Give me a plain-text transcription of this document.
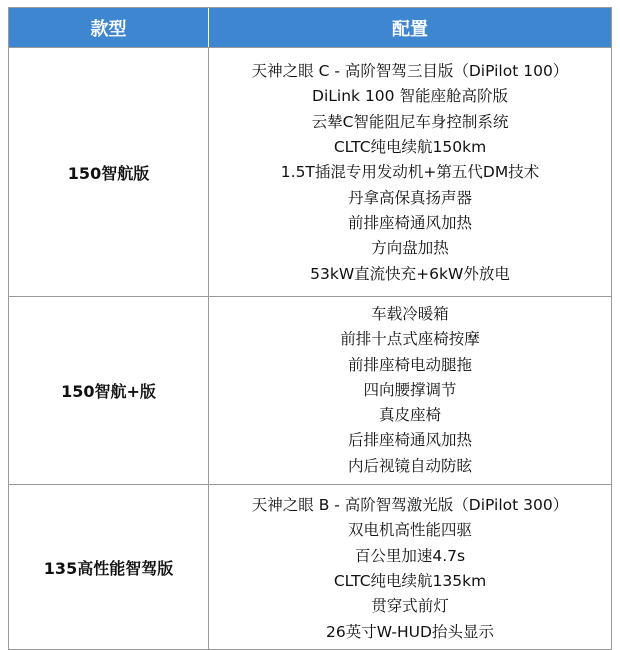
款型	配置
150智航版
天神之眼 C - 高阶智驾三目版（DiPilot 100）
DiLink 100 智能座舱高阶版
云辇C智能阻尼车身控制系统
CLTC纯电续航150km
1.5T插混专用发动机+第五代DM技术
丹拿高保真扬声器
前排座椅通风加热
方向盘加热
53kW直流快充+6kW外放电
150智航+版
车载冷暖箱
前排十点式座椅按摩
前排座椅电动腿拖
四向腰撑调节
真皮座椅
后排座椅通风加热
内后视镜自动防眩
135高性能智驾版
天神之眼 B - 高阶智驾激光版（DiPilot 300）
双电机高性能四驱
百公里加速4.7s
CLTC纯电续航135km
贯穿式前灯
26英寸W-HUD抬头显示
